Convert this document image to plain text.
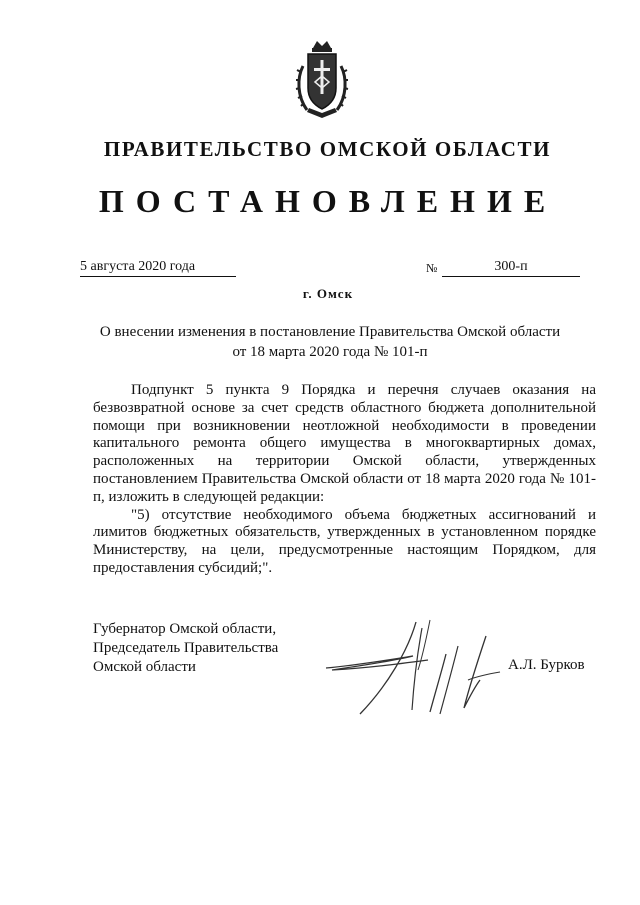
ПРАВИТЕЛЬСТВО ОМСКОЙ ОБЛАСТИ
ПОСТАНОВЛЕНИЕ
5 августа 2020 года	№	300-п
г. Омск
О внесении изменения в постановление Правительства Омской области
от 18 марта 2020 года № 101-п

Подпункт 5 пункта 9 Порядка и перечня случаев оказания на безвозвратной основе за счет средств областного бюджета дополнительной помощи при возникновении неотложной необходимости в проведении капитального ремонта общего имущества в многоквартирных домах, расположенных на территории Омской области, утвержденных постановлением Правительства Омской области от 18 марта 2020 года № 101-п, изложить в следующей редакции:

"5) отсутствие необходимого объема бюджетных ассигнований и лимитов бюджетных обязательств, утвержденных в установленном порядке Министерству, на цели, предусмотренные настоящим Порядком, для предоставления субсидий;".

Губернатор Омской области,
Председатель Правительства
Омской области	А.Л. Бурков
